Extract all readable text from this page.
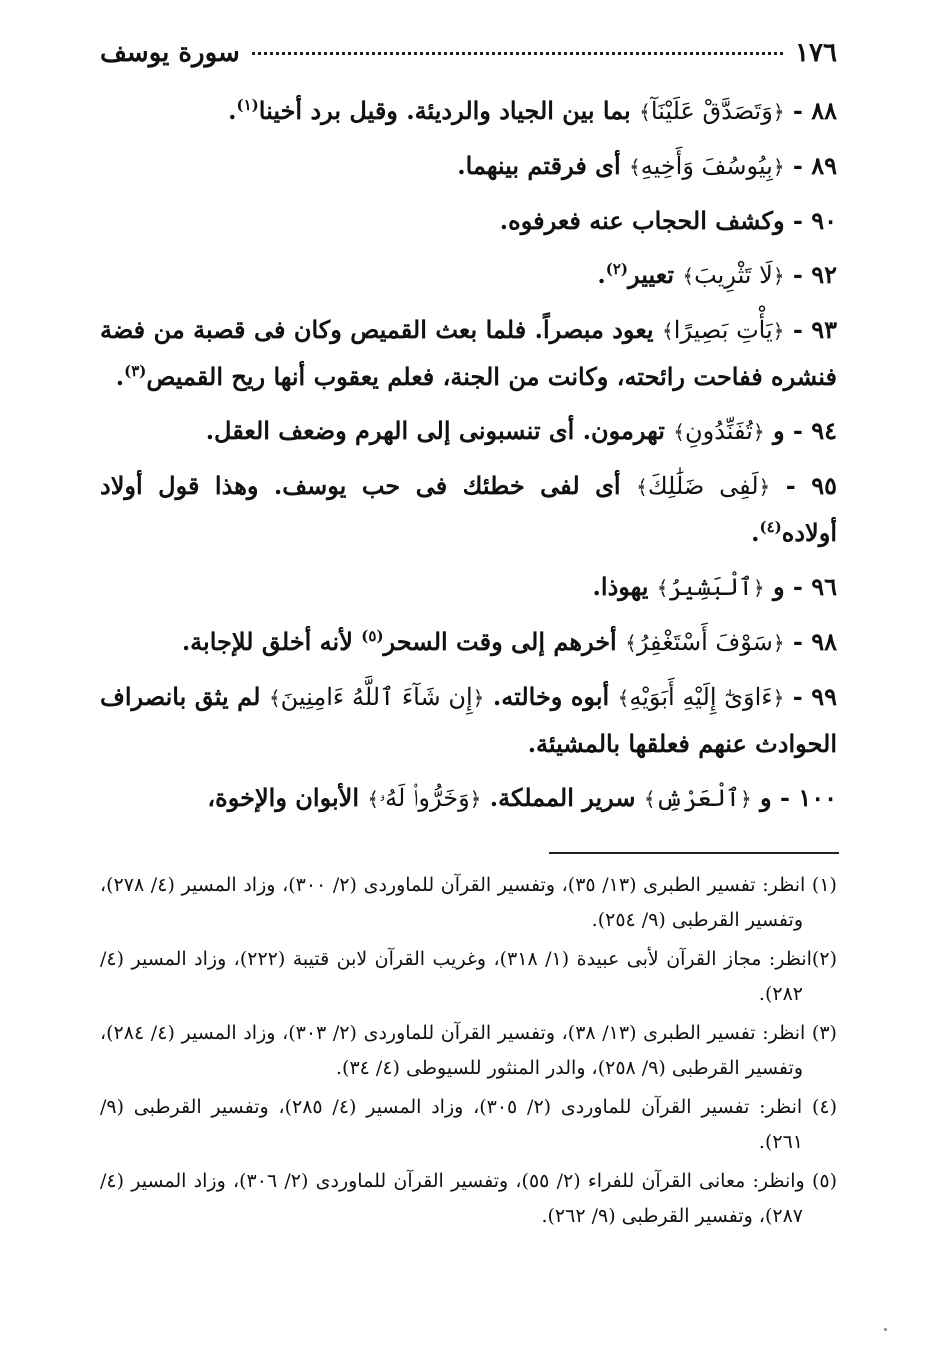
١٧٦
سورة يوسف
٨٨ - ﴿وَتَصَدَّقْ عَلَيْنَآ﴾ بما بين الجياد والرديئة. وقيل برد أخينا$^{(١)}$.
٨٩ - ﴿بِيُوسُفَ وَأَخِيهِ﴾ أى فرقتم بينهما.
٩٠ - وكشف الحجاب عنه فعرفوه.
٩٢ - ﴿لَا تَثْرِيبَ﴾ تعيير$^{(٢)}$.
٩٣ - ﴿يَأْتِ بَصِيرًا﴾ يعود مبصراً. فلما بعث القميص وكان فى قصبة من فضة فنشره ففاحت رائحته، وكانت من الجنة، فعلم يعقوب أنها ريح القميص$^{(٣)}$.
٩٤ - و ﴿تُفَنِّدُونِ﴾ تهرمون. أى تنسبونى إلى الهرم وضعف العقل.
٩٥ - ﴿لَفِى ضَلَٰلِكَ﴾ أى لفى خطئك فى حب يوسف. وهذا قول أولاد أولاده$^{(٤)}$.
٩٦ - و ﴿ٱلْبَشِيرُ﴾ يهوذا.
٩٨ - ﴿سَوْفَ أَسْتَغْفِرُ﴾ أخرهم إلى وقت السحر$^{(٥)}$ لأنه أخلق للإجابة.
٩٩ - ﴿ءَاوَىٰٓ إِلَيْهِ أَبَوَيْهِ﴾ أبوه وخالته. ﴿إِن شَآءَ ٱللَّهُ ءَامِنِينَ﴾ لم يثق بانصراف الحوادث عنهم فعلقها بالمشيئة.
١٠٠ - و ﴿ٱلْعَرْشِ﴾ سرير المملكة. ﴿وَخَرُّوا۟ لَهُۥ﴾ الأبوان والإخوة،
(١) انظر: تفسير الطبرى (١٣/ ٣٥)، وتفسير القرآن للماوردى (٢/ ٣٠٠)، وزاد المسير (٤/ ٢٧٨)، وتفسير القرطبى (٩/ ٢٥٤).
(٢)انظر: مجاز القرآن لأبى عبيدة (١/ ٣١٨)، وغريب القرآن لابن قتيبة (٢٢٢)، وزاد المسير (٤/ ٢٨٢).
(٣) انظر: تفسير الطبرى (١٣/ ٣٨)، وتفسير القرآن للماوردى (٢/ ٣٠٣)، وزاد المسير (٤/ ٢٨٤)، وتفسير القرطبى (٩/ ٢٥٨)، والدر المنثور للسيوطى (٤/ ٣٤).
(٤) انظر: تفسير القرآن للماوردى (٢/ ٣٠٥)، وزاد المسير (٤/ ٢٨٥)، وتفسير القرطبى (٩/ ٢٦١).
(٥) وانظر: معانى القرآن للفراء (٢/ ٥٥)، وتفسير القرآن للماوردى (٢/ ٣٠٦)، وزاد المسير (٤/ ٢٨٧)، وتفسير القرطبى (٩/ ٢٦٢).
